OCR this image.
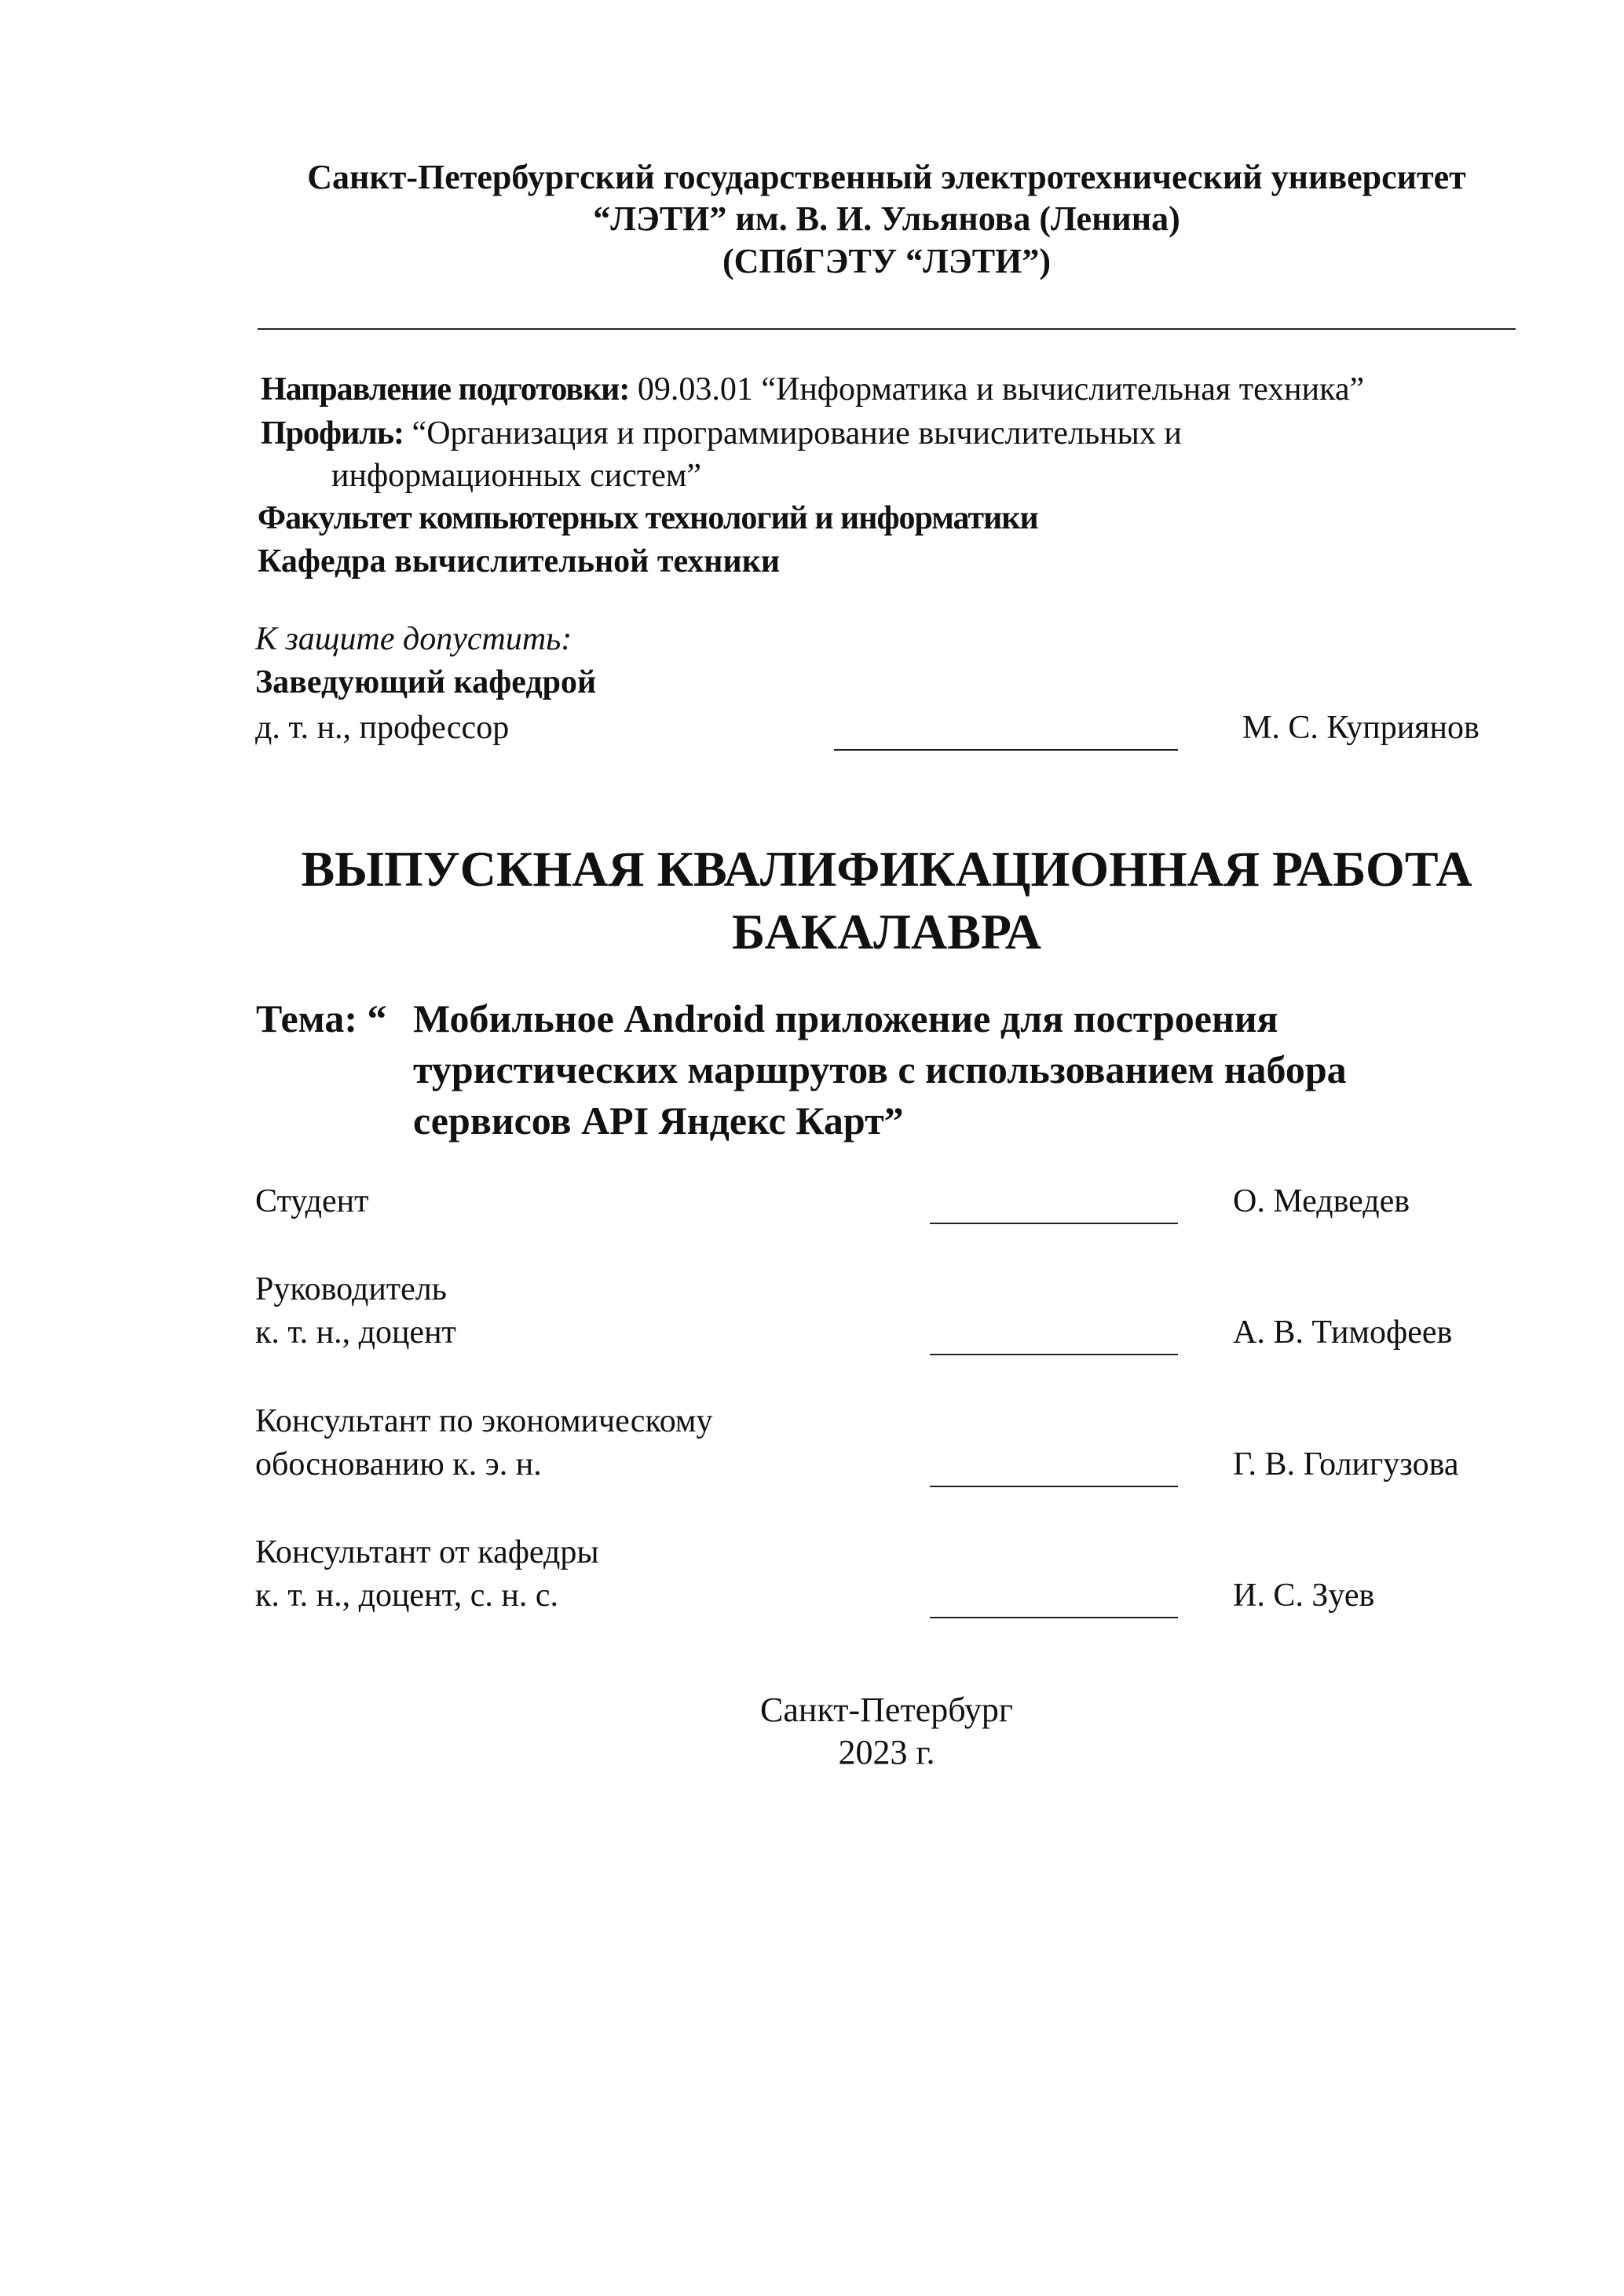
Санкт-Петербургский государственный электротехнический университет
“ЛЭТИ” им. В. И. Ульянова (Ленина)
(СПбГЭТУ “ЛЭТИ”)
Направление подготовки: 09.03.01 “Информатика и вычислительная техника”
Профиль: “Организация и программирование вычислительных и
информационных систем”
Факультет компьютерных технологий и информатики
Кафедра вычислительной техники
К защите допустить:
Заведующий кафедрой
д. т. н., профессор	М. С. Куприянов
ВЫПУСКНАЯ КВАЛИФИКАЦИОННАЯ РАБОТА
БАКАЛАВРА
Тема: “ Мобильное Android приложение для построения
туристических маршрутов с использованием набора
сервисов API Яндекс Карт”
Студент	О. Медведев
Руководитель
к. т. н., доцент	А. В. Тимофеев
Консультант по экономическому
обоснованию к. э. н.	Г. В. Голигузова
Консультант от кафедры
к. т. н., доцент, с. н. с.	И. С. Зуев
Санкт-Петербург
2023 г.
